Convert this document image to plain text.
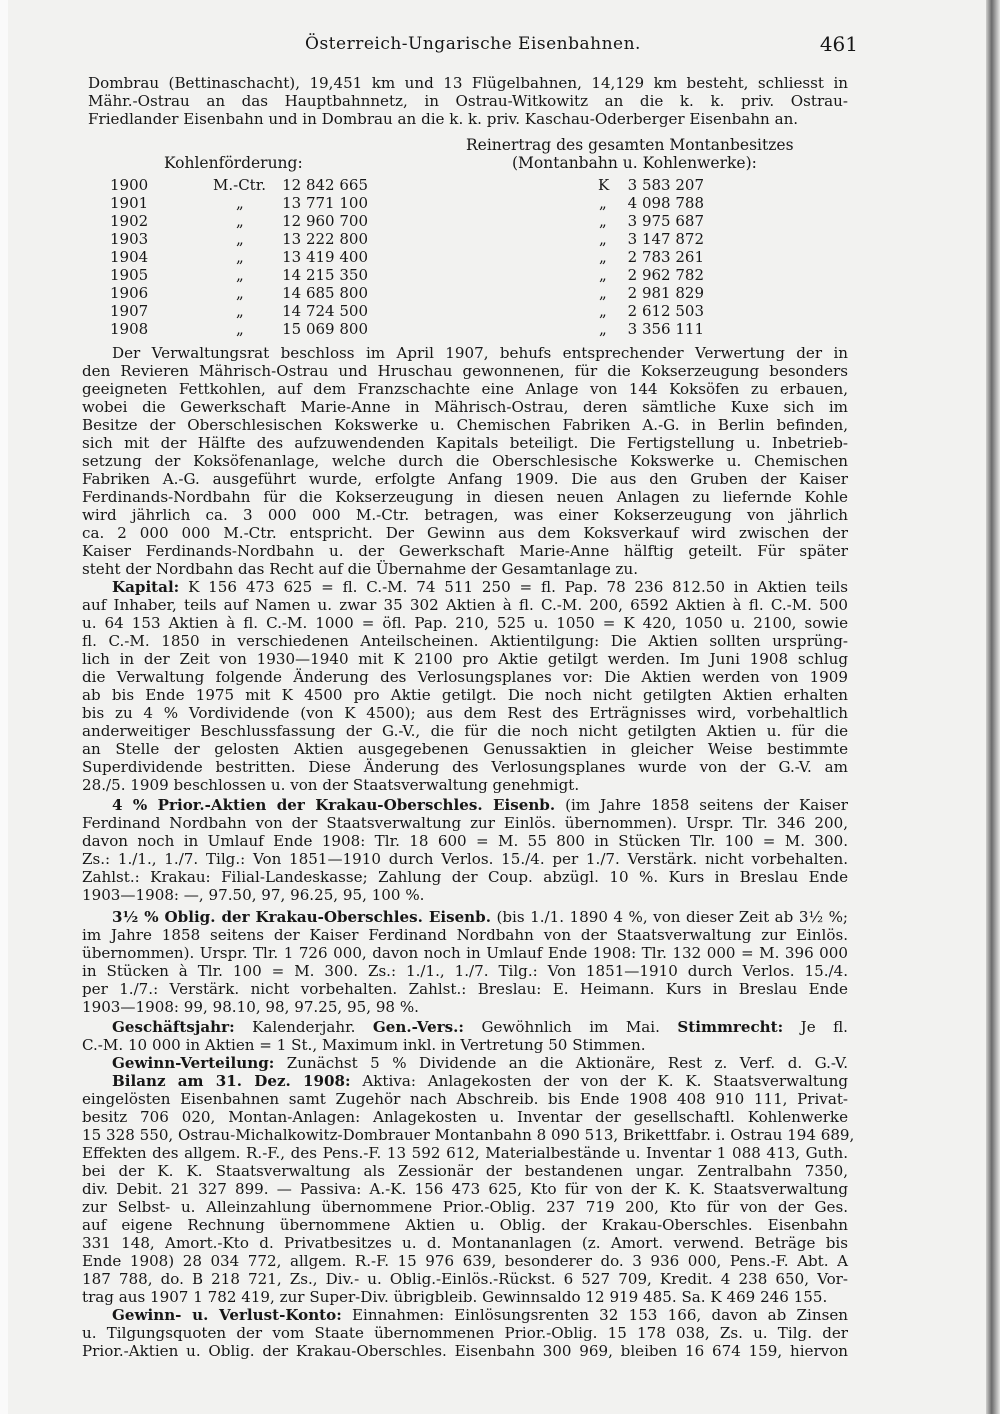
Österreich-Ungarische Eisenbahnen.	461
Dombrau (Bettinaschacht), 19,451 km und 13 Flügelbahnen, 14,129 km besteht, schliesst in
Mähr.-Ostrau an das Hauptbahnnetz, in Ostrau-Witkowitz an die k. k. priv. Ostrau-
Friedlander Eisenbahn und in Dombrau an die k. k. priv. Kaschau-Oderberger Eisenbahn an.
Reinertrag des gesamten Montanbesitzes
Kohlenförderung:	(Montanbahn u. Kohlenwerke):
1900	M.-Ctr.	12 842 665	K	3 583 207
1901	„	13 771 100	„	4 098 788
1902	„	12 960 700	„	3 975 687
1903	„	13 222 800	„	3 147 872
1904	„	13 419 400	„	2 783 261
1905	„	14 215 350	„	2 962 782
1906	„	14 685 800	„	2 981 829
1907	„	14 724 500	„	2 612 503
1908	„	15 069 800	„	3 356 111
Der Verwaltungsrat beschloss im April 1907, behufs entsprechender Verwertung der in
den Revieren Mährisch-Ostrau und Hruschau gewonnenen, für die Kokserzeugung besonders
geeigneten Fettkohlen, auf dem Franzschachte eine Anlage von 144 Koksöfen zu erbauen,
wobei die Gewerkschaft Marie-Anne in Mährisch-Ostrau, deren sämtliche Kuxe sich im
Besitze der Oberschlesischen Kokswerke u. Chemischen Fabriken A.-G. in Berlin befinden,
sich mit der Hälfte des aufzuwendenden Kapitals beteiligt. Die Fertigstellung u. Inbetrieb-
setzung der Koksöfenanlage, welche durch die Oberschlesische Kokswerke u. Chemischen
Fabriken A.-G. ausgeführt wurde, erfolgte Anfang 1909. Die aus den Gruben der Kaiser
Ferdinands-Nordbahn für die Kokserzeugung in diesen neuen Anlagen zu liefernde Kohle
wird jährlich ca. 3 000 000 M.-Ctr. betragen, was einer Kokserzeugung von jährlich
ca. 2 000 000 M.-Ctr. entspricht. Der Gewinn aus dem Koksverkauf wird zwischen der
Kaiser Ferdinands-Nordbahn u. der Gewerkschaft Marie-Anne hälftig geteilt. Für später
steht der Nordbahn das Recht auf die Übernahme der Gesamtanlage zu.
Kapital: K 156 473 625 = fl. C.-M. 74 511 250 = fl. Pap. 78 236 812.50 in Aktien teils
auf Inhaber, teils auf Namen u. zwar 35 302 Aktien à fl. C.-M. 200, 6592 Aktien à fl. C.-M. 500
u. 64 153 Aktien à fl. C.-M. 1000 = öfl. Pap. 210, 525 u. 1050 = K 420, 1050 u. 2100, sowie
fl. C.-M. 1850 in verschiedenen Anteilscheinen. Aktientilgung: Die Aktien sollten ursprüng-
lich in der Zeit von 1930—1940 mit K 2100 pro Aktie getilgt werden. Im Juni 1908 schlug
die Verwaltung folgende Änderung des Verlosungsplanes vor: Die Aktien werden von 1909
ab bis Ende 1975 mit K 4500 pro Aktie getilgt. Die noch nicht getilgten Aktien erhalten
bis zu 4 % Vordividende (von K 4500); aus dem Rest des Erträgnisses wird, vorbehaltlich
anderweitiger Beschlussfassung der G.-V., die für die noch nicht getilgten Aktien u. für die
an Stelle der gelosten Aktien ausgegebenen Genussaktien in gleicher Weise bestimmte
Superdividende bestritten. Diese Änderung des Verlosungsplanes wurde von der G.-V. am
28./5. 1909 beschlossen u. von der Staatsverwaltung genehmigt.
4 % Prior.-Aktien der Krakau-Oberschles. Eisenb. (im Jahre 1858 seitens der Kaiser
Ferdinand Nordbahn von der Staatsverwaltung zur Einlös. übernommen). Urspr. Tlr. 346 200,
davon noch in Umlauf Ende 1908: Tlr. 18 600 = M. 55 800 in Stücken Tlr. 100 = M. 300.
Zs.: 1./1., 1./7. Tilg.: Von 1851—1910 durch Verlos. 15./4. per 1./7. Verstärk. nicht vorbehalten.
Zahlst.: Krakau: Filial-Landeskasse; Zahlung der Coup. abzügl. 10 %. Kurs in Breslau Ende
1903—1908: —, 97.50, 97, 96.25, 95, 100 %.
3½ % Oblig. der Krakau-Oberschles. Eisenb. (bis 1./1. 1890 4 %, von dieser Zeit ab 3½ %;
im Jahre 1858 seitens der Kaiser Ferdinand Nordbahn von der Staatsverwaltung zur Einlös.
übernommen). Urspr. Tlr. 1 726 000, davon noch in Umlauf Ende 1908: Tlr. 132 000 = M. 396 000
in Stücken à Tlr. 100 = M. 300. Zs.: 1./1., 1./7. Tilg.: Von 1851—1910 durch Verlos. 15./4.
per 1./7.: Verstärk. nicht vorbehalten. Zahlst.: Breslau: E. Heimann. Kurs in Breslau Ende
1903—1908: 99, 98.10, 98, 97.25, 95, 98 %.
Geschäftsjahr: Kalenderjahr. Gen.-Vers.: Gewöhnlich im Mai. Stimmrecht: Je fl.
C.-M. 10 000 in Aktien = 1 St., Maximum inkl. in Vertretung 50 Stimmen.
Gewinn-Verteilung: Zunächst 5 % Dividende an die Aktionäre, Rest z. Verf. d. G.-V.
Bilanz am 31. Dez. 1908: Aktiva: Anlagekosten der von der K. K. Staatsverwaltung
eingelösten Eisenbahnen samt Zugehör nach Abschreib. bis Ende 1908 408 910 111, Privat-
besitz 706 020, Montan-Anlagen: Anlagekosten u. Inventar der gesellschaftl. Kohlenwerke
15 328 550, Ostrau-Michalkowitz-Dombrauer Montanbahn 8 090 513, Brikettfabr. i. Ostrau 194 689,
Effekten des allgem. R.-F., des Pens.-F. 13 592 612, Materialbestände u. Inventar 1 088 413, Guth.
bei der K. K. Staatsverwaltung als Zessionär der bestandenen ungar. Zentralbahn 7350,
div. Debit. 21 327 899. — Passiva: A.-K. 156 473 625, Kto für von der K. K. Staatsverwaltung
zur Selbst- u. Alleinzahlung übernommene Prior.-Oblig. 237 719 200, Kto für von der Ges.
auf eigene Rechnung übernommene Aktien u. Oblig. der Krakau-Oberschles. Eisenbahn
331 148, Amort.-Kto d. Privatbesitzes u. d. Montananlagen (z. Amort. verwend. Beträge bis
Ende 1908) 28 034 772, allgem. R.-F. 15 976 639, besonderer do. 3 936 000, Pens.-F. Abt. A
187 788, do. B 218 721, Zs., Div.- u. Oblig.-Einlös.-Rückst. 6 527 709, Kredit. 4 238 650, Vor-
trag aus 1907 1 782 419, zur Super-Div. übrigbleib. Gewinnsaldo 12 919 485. Sa. K 469 246 155.
Gewinn- u. Verlust-Konto: Einnahmen: Einlösungsrenten 32 153 166, davon ab Zinsen
u. Tilgungsquoten der vom Staate übernommenen Prior.-Oblig. 15 178 038, Zs. u. Tilg. der
Prior.-Aktien u. Oblig. der Krakau-Oberschles. Eisenbahn 300 969, bleiben 16 674 159, hiervon
